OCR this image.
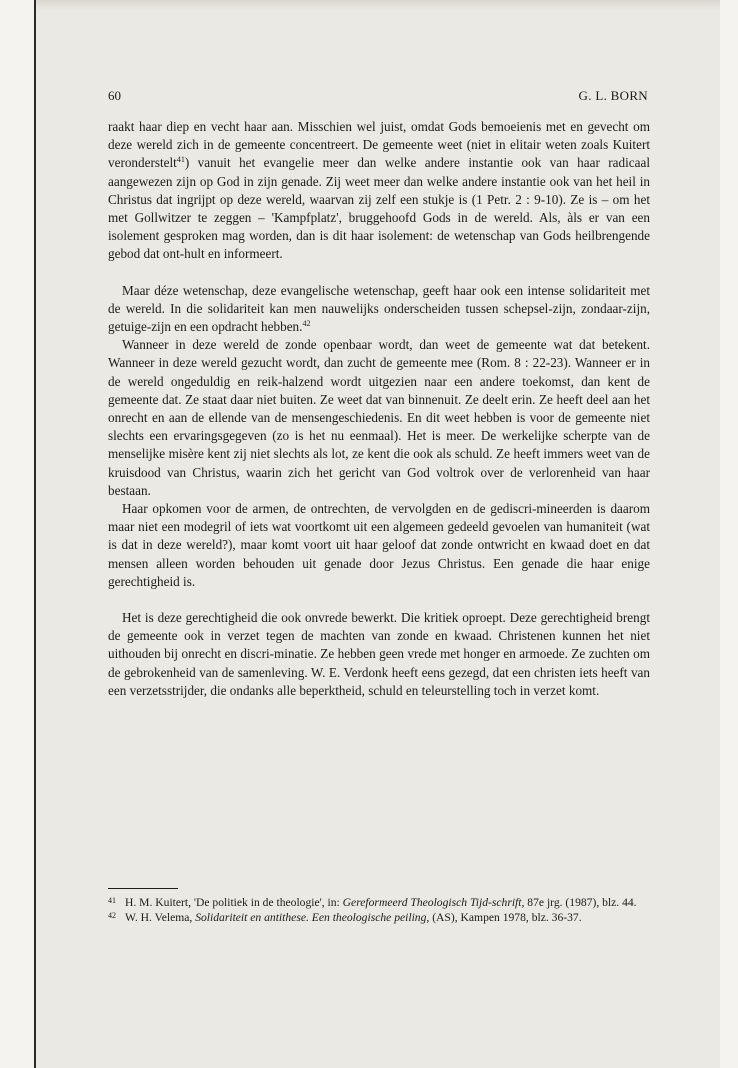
60	G. L. BORN

raakt haar diep en vecht haar aan. Misschien wel juist, omdat Gods bemoeienis met en gevecht om deze wereld zich in de gemeente concentreert. De gemeente weet (niet in elitair weten zoals Kuitert veronderstelt$^{41}$) vanuit het evangelie meer dan welke andere instantie ook van haar radicaal aangewezen zijn op God in zijn genade. Zij weet meer dan welke andere instantie ook van het heil in Christus dat ingrijpt op deze wereld, waarvan zij zelf een stukje is (1 Petr. 2 : 9-10). Ze is – om het met Gollwitzer te zeggen – 'Kampfplatz', bruggehoofd Gods in de wereld. Als, àls er van een isolement gesproken mag worden, dan is dit haar isolement: de wetenschap van Gods heilbrengende gebod dat ont-hult en informeert.

Maar déze wetenschap, deze evangelische wetenschap, geeft haar ook een intense solidariteit met de wereld. In die solidariteit kan men nauwelijks onderscheiden tussen schepsel-zijn, zondaar-zijn, getuige-zijn en een opdracht hebben.$^{42}$

Wanneer in deze wereld de zonde openbaar wordt, dan weet de gemeente wat dat betekent. Wanneer in deze wereld gezucht wordt, dan zucht de gemeente mee (Rom. 8 : 22-23). Wanneer er in de wereld ongeduldig en reik-halzend wordt uitgezien naar een andere toekomst, dan kent de gemeente dat. Ze staat daar niet buiten. Ze weet dat van binnenuit. Ze deelt erin. Ze heeft deel aan het onrecht en aan de ellende van de mensengeschiedenis. En dit weet hebben is voor de gemeente niet slechts een ervaringsgegeven (zo is het nu eenmaal). Het is meer. De werkelijke scherpte van de menselijke misère kent zij niet slechts als lot, ze kent die ook als schuld. Ze heeft immers weet van de kruisdood van Christus, waarin zich het gericht van God voltrok over de verlorenheid van haar bestaan.

Haar opkomen voor de armen, de ontrechten, de vervolgden en de gediscri-mineerden is daarom maar niet een modegril of iets wat voortkomt uit een algemeen gedeeld gevoelen van humaniteit (wat is dat in deze wereld?), maar komt voort uit haar geloof dat zonde ontwricht en kwaad doet en dat mensen alleen worden behouden uit genade door Jezus Christus. Een genade die haar enige gerechtigheid is.

Het is deze gerechtigheid die ook onvrede bewerkt. Die kritiek oproept. Deze gerechtigheid brengt de gemeente ook in verzet tegen de machten van zonde en kwaad. Christenen kunnen het niet uithouden bij onrecht en discri-minatie. Ze hebben geen vrede met honger en armoede. Ze zuchten om de gebrokenheid van de samenleving. W. E. Verdonk heeft eens gezegd, dat een christen iets heeft van een verzetsstrijder, die ondanks alle beperktheid, schuld en teleurstelling toch in verzet komt.

41 H. M. Kuitert, 'De politiek in de theologie', in: Gereformeerd Theologisch Tijd-schrift, 87e jrg. (1987), blz. 44.

42 W. H. Velema, Solidariteit en antithese. Een theologische peiling, (AS), Kampen 1978, blz. 36-37.
